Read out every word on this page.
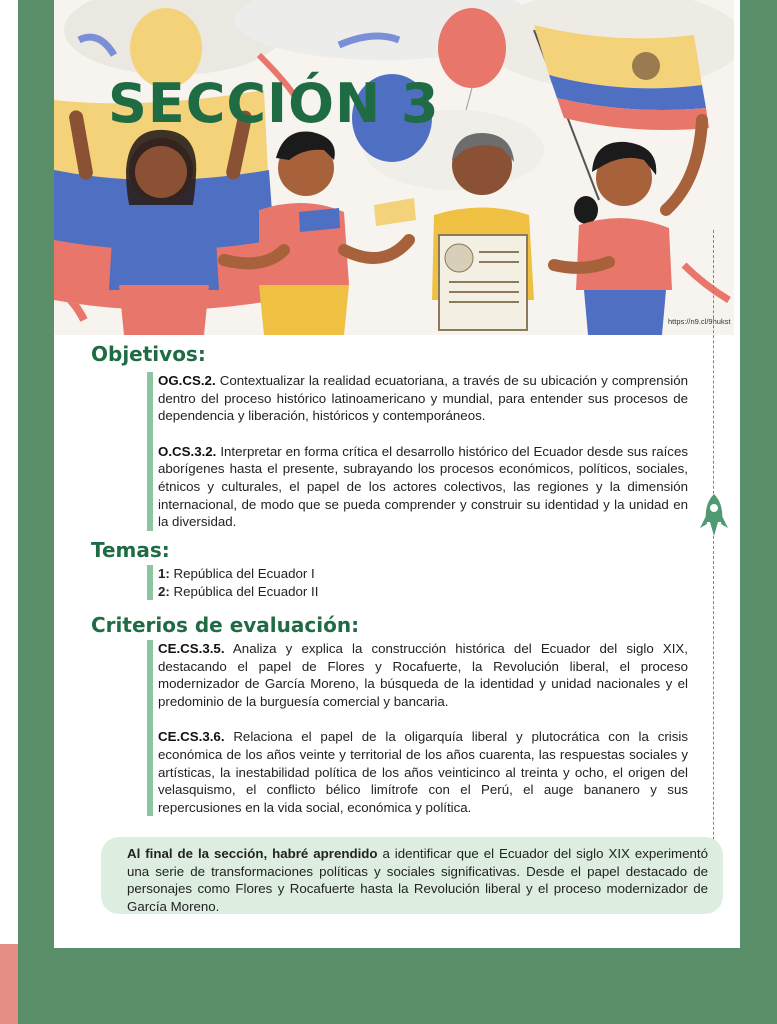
SECCIÓN 3
https://n9.cl/9hukst
Objetivos:

OG.CS.2. Contextualizar la realidad ecuatoriana, a través de su ubicación y comprensión dentro del proceso histórico latinoamericano y mundial, para entender sus procesos de dependencia y liberación, históricos y contemporáneos.

O.CS.3.2. Interpretar en forma crítica el desarrollo histórico del Ecuador desde sus raíces aborígenes hasta el presente, subrayando los procesos económicos, políticos, sociales, étnicos y culturales, el papel de los actores colectivos, las regiones y la dimensión internacional, de modo que se pueda comprender y construir su identidad y la unidad en la diversidad.

Temas:
1: República del Ecuador I
2: República del Ecuador II
Criterios de evaluación:

CE.CS.3.5. Analiza y explica la construcción histórica del Ecuador del siglo XIX, destacando el papel de Flores y Rocafuerte, la Revolución liberal, el proceso modernizador de García Moreno, la búsqueda de la identidad y unidad nacionales y el predominio de la burguesía comercial y bancaria.

CE.CS.3.6. Relaciona el papel de la oligarquía liberal y plutocrática con la crisis económica de los años veinte y territorial de los años cuarenta, las respuestas sociales y artísticas, la inestabilidad política de los años veinticinco al treinta y ocho, el origen del velasquismo, el conflicto bélico limítrofe con el Perú, el auge bananero y sus repercusiones en la vida social, económica y política.

Al final de la sección, habré aprendido a identificar que el Ecuador del siglo XIX experimentó una serie de transformaciones políticas y sociales significativas. Desde el papel destacado de personajes como Flores y Rocafuerte hasta la Revolución liberal y el proceso modernizador de García Moreno.
